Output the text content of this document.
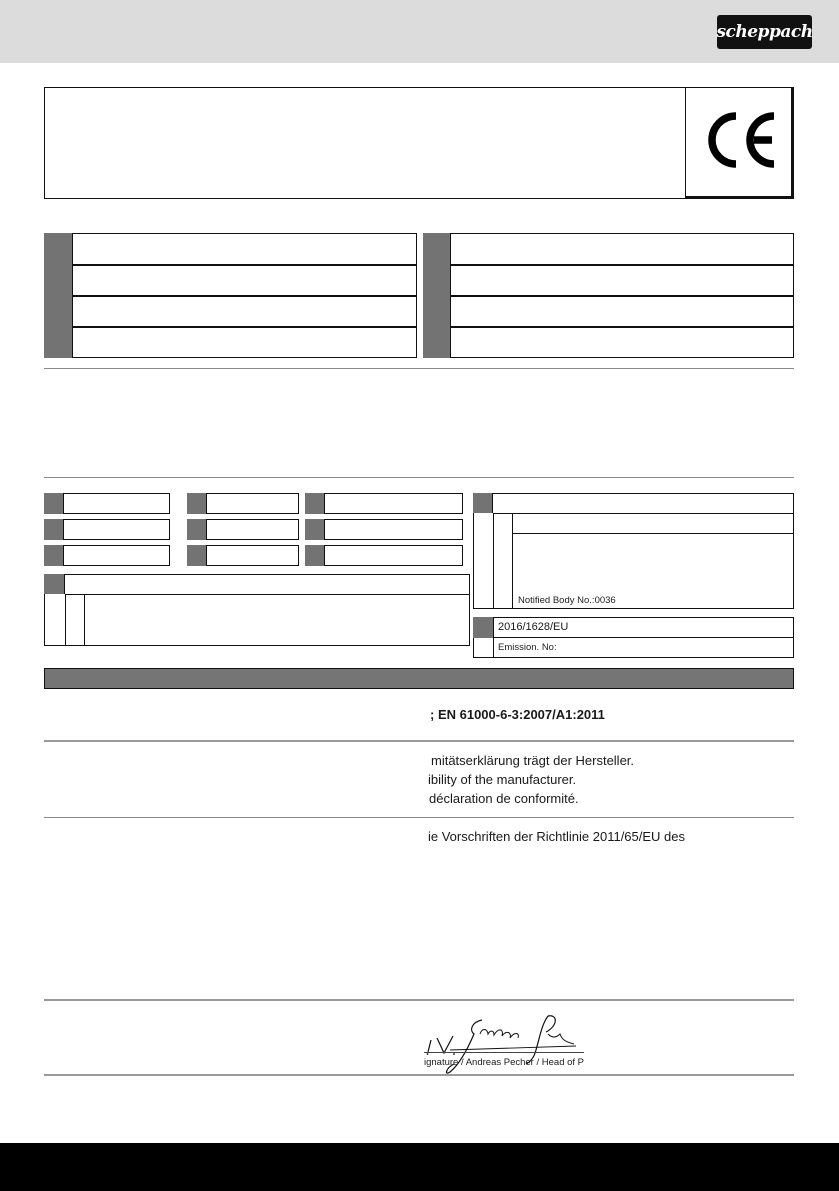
scheppach
Notified Body No.:0036
2016/1628/EU
Emission. No:
; EN 61000-6-3:2007/A1:2011
mitätserklärung trägt der Hersteller.
ibility of the manufacturer.
déclaration de conformité.
ie Vorschriften der Richtlinie 2011/65/EU des
ignature / Andreas Pecher / Head of P
